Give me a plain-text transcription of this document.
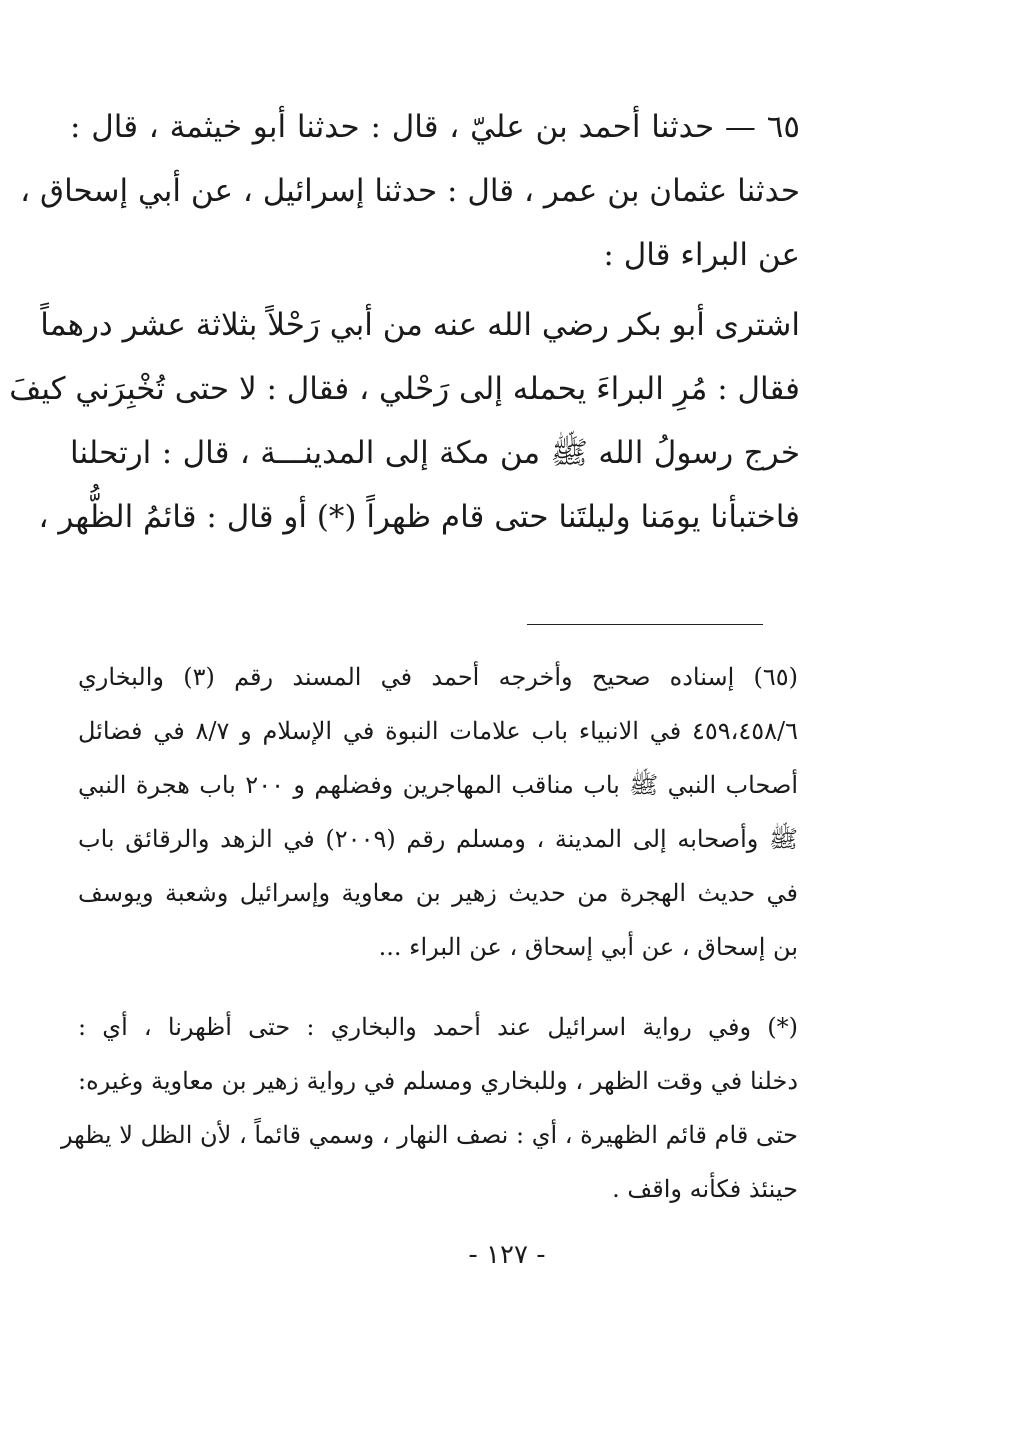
٦٥ — حدثنا أحمد بن عليّ ، قال : حدثنا أبو خيثمة ، قال :
حدثنا عثمان بن عمر ، قال : حدثنا إسرائيل ، عن أبي إسحاق ،
عن البراء قال :
اشترى أبو بكر رضي الله عنه من أبي رَحْلاً بثلاثة عشر درهماً
فقال : مُرِ البراءَ يحمله إلى رَحْلي ، فقال : لا حتى تُخْبِرَني كيفَ
خرج رسولُ الله ﷺ من مكة إلى المدينـــة ، قال : ارتحلنا
فاختبأنا يومَنا وليلتَنا حتى قام ظهراً (*) أو قال : قائمُ الظُّهر ،
(٦٥) إسناده صحيح وأخرجه أحمد في المسند رقم (٣) والبخاري
٤٥٩،٤٥٨/٦ في الانبياء باب علامات النبوة في الإسلام و ٨/٧ في فضائل
أصحاب النبي ﷺ باب مناقب المهاجرين وفضلهم و ٢٠٠ باب هجرة النبي
ﷺ وأصحابه إلى المدينة ، ومسلم رقم (٢٠٠٩) في الزهد والرقائق باب
في حديث الهجرة من حديث زهير بن معاوية وإسرائيل وشعبة ويوسف
بن إسحاق ، عن أبي إسحاق ، عن البراء ...
(*) وفي رواية اسرائيل عند أحمد والبخاري : حتى أظهرنا ، أي :
دخلنا في وقت الظهر ، وللبخاري ومسلم في رواية زهير بن معاوية وغيره:
حتى قام قائم الظهيرة ، أي : نصف النهار ، وسمي قائماً ، لأن الظل لا يظهر
حينئذ فكأنه واقف .
- ١٢٧ -
